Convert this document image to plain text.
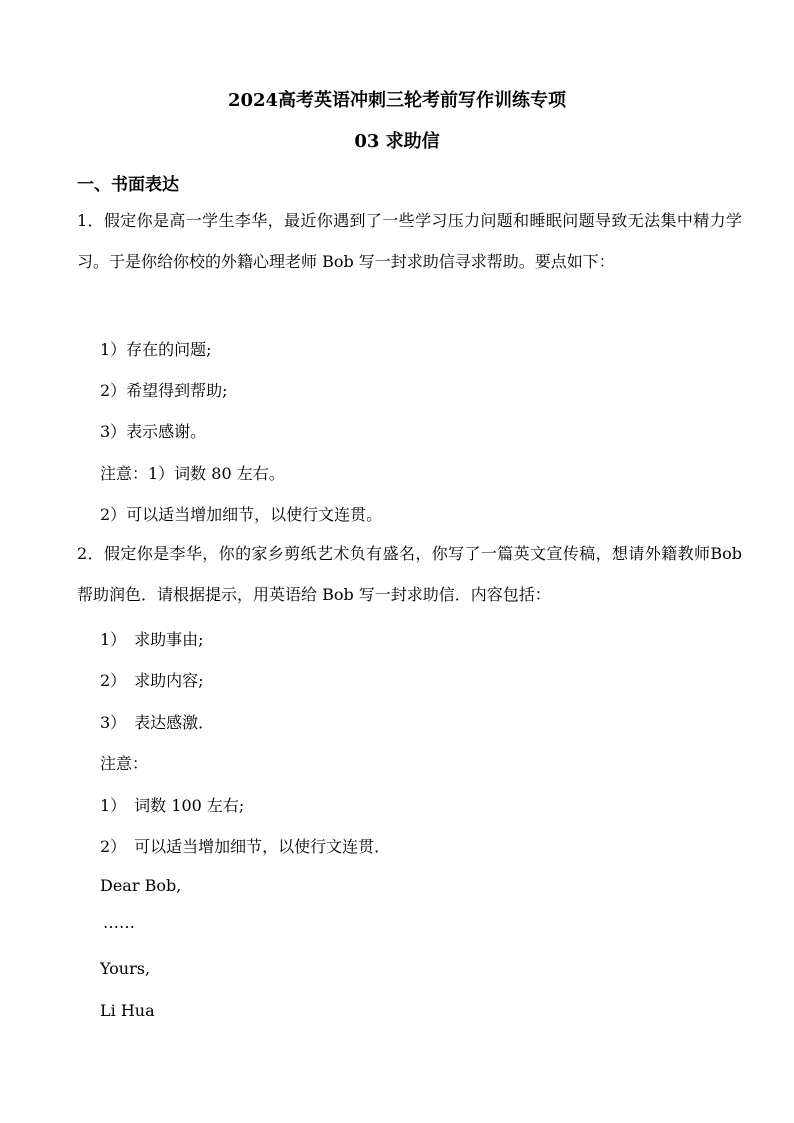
2024高考英语冲刺三轮考前写作训练专项
03 求助信
一、书面表达
1．假定你是高一学生李华，最近你遇到了一些学习压力问题和睡眠问题导致无法集中精力学习。于是你给你校的外籍心理老师 Bob 写一封求助信寻求帮助。要点如下：
1）存在的问题;
2）希望得到帮助;
3）表示感谢。
注意：1）词数 80 左右。
2）可以适当增加细节，以使行文连贯。
2．假定你是李华，你的家乡剪纸艺术负有盛名，你写了一篇英文宣传稿，想请外籍教师Bob 帮助润色．请根据提示，用英语给 Bob 写一封求助信．内容包括：
1）　求助事由;
2）　求助内容;
3）　表达感激．
注意：
1）　词数 100 左右;
2）　可以适当增加细节，以使行文连贯．
Dear Bob,
……
Yours,
Li Hua
